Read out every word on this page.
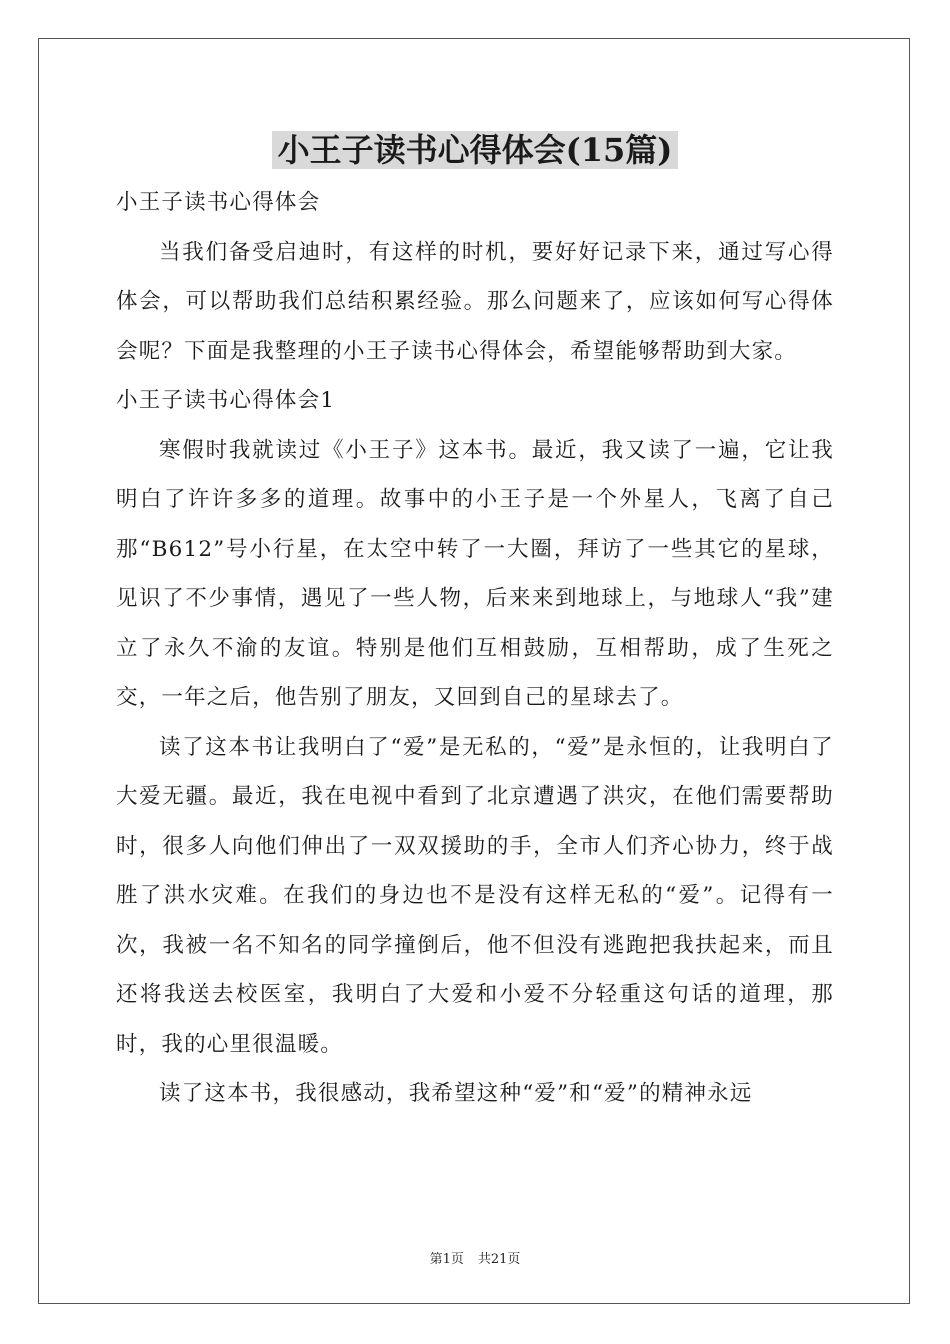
小王子读书心得体会(15篇)

小王子读书心得体会

当我们备受启迪时，有这样的时机，要好好记录下来，通过写心得体会，可以帮助我们总结积累经验。那么问题来了，应该如何写心得体会呢？下面是我整理的小王子读书心得体会，希望能够帮助到大家。

小王子读书心得体会1

寒假时我就读过《小王子》这本书。最近，我又读了一遍，它让我明白了许许多多的道理。故事中的小王子是一个外星人，飞离了自己那“B612”号小行星，在太空中转了一大圈，拜访了一些其它的星球，见识了不少事情，遇见了一些人物，后来来到地球上，与地球人“我”建立了永久不渝的友谊。特别是他们互相鼓励，互相帮助，成了生死之交，一年之后，他告别了朋友，又回到自己的星球去了。

读了这本书让我明白了“爱”是无私的，“爱”是永恒的，让我明白了大爱无疆。最近，我在电视中看到了北京遭遇了洪灾，在他们需要帮助时，很多人向他们伸出了一双双援助的手，全市人们齐心协力，终于战胜了洪水灾难。在我们的身边也不是没有这样无私的“爱”。记得有一次，我被一名不知名的同学撞倒后，他不但没有逃跑把我扶起来，而且还将我送去校医室，我明白了大爱和小爱不分轻重这句话的道理，那时，我的心里很温暖。

读了这本书，我很感动，我希望这种“爱”和“爱”的精神永远

第1页 共21页
